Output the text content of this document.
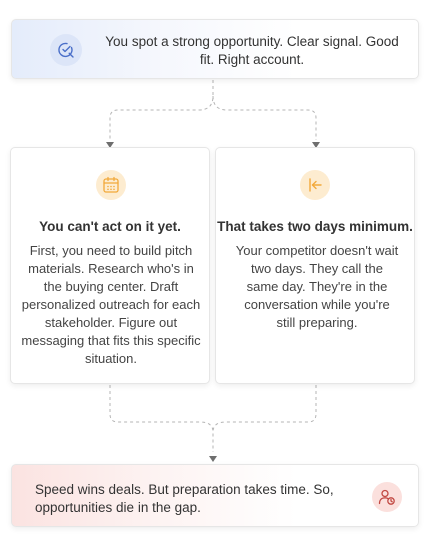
You spot a strong opportunity. Clear signal. Good fit. Right account.
You can't act on it yet.
First, you need to build pitch materials. Research who's in the buying center. Draft personalized outreach for each stakeholder. Figure out messaging that fits this specific situation.
That takes two days minimum.
Your competitor doesn't wait two days. They call the same day. They're in the conversation while you're still preparing.
Speed wins deals. But preparation takes time. So, opportunities die in the gap.
